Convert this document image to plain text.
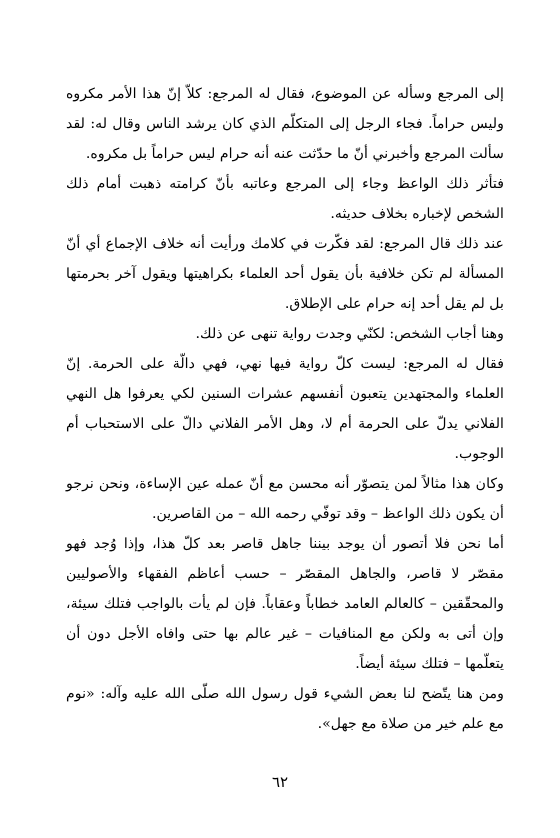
إلى المرجع وسأله عن الموضوع، فقال له المرجع: كلاّ إنّ هذا الأمر مكروه وليس حراماً. فجاء الرجل إلى المتكلّم الذي كان يرشد الناس وقال له: لقد سألت المرجع وأخبرني أنّ ما حدّثت عنه أنه حرام ليس حراماً بل مكروه.

فتأثر ذلك الواعظ وجاء إلى المرجع وعاتبه بأنّ كرامته ذهبت أمام ذلك الشخص لإخباره بخلاف حديثه.

عند ذلك قال المرجع: لقد فكّرت في كلامك ورأيت أنه خلاف الإجماع أي أنّ المسألة لم تكن خلافية بأن يقول أحد العلماء بكراهيتها ويقول آخر بحرمتها بل لم يقل أحد إنه حرام على الإطلاق.

وهنا أجاب الشخص: لكنّي وجدت رواية تنهى عن ذلك.

فقال له المرجع: ليست كلّ رواية فيها نهي، فهي دالّة على الحرمة. إنّ العلماء والمجتهدين يتعبون أنفسهم عشرات السنين لكي يعرفوا هل النهي الفلاني يدلّ على الحرمة أم لا، وهل الأمر الفلاني دالّ على الاستحباب أم الوجوب.

وكان هذا مثالاً لمن يتصوّر أنه محسن مع أنّ عمله عين الإساءة، ونحن نرجو أن يكون ذلك الواعظ – وقد توفّي رحمه الله – من القاصرين.

أما نحن فلا أتصور أن يوجد بيننا جاهل قاصر بعد كلّ هذا، وإذا وُجد فهو مقصّر لا قاصر، والجاهل المقصّر – حسب أعاظم الفقهاء والأصوليين والمحقّقين – كالعالم العامد خطاباً وعقاباً. فإن لم يأت بالواجب فتلك سيئة، وإن أتى به ولكن مع المنافيات – غير عالم بها حتى وافاه الأجل دون أن يتعلّمها – فتلك سيئة أيضاً.

ومن هنا يتّضح لنا بعض الشيء قول رسول الله صلّى الله عليه وآله: «نوم مع علم خير من صلاة مع جهل».

٦٢
